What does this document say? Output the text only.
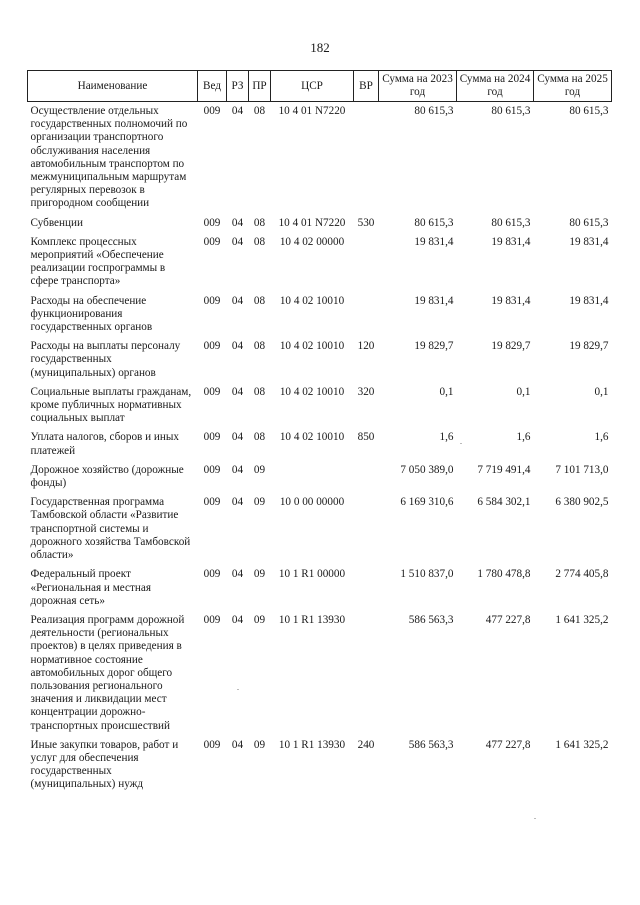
182
Наименование	Вед	РЗ	ПР	ЦСР	ВР	Сумма на 2023 год	Сумма на 2024 год	Сумма на 2025 год
Осуществление отдельных государственных полномочий по организации транспортного обслуживания населения автомобильным транспортом по межмуниципальным маршрутам регулярных перевозок в пригородном сообщении	009	04	08	10 4 01 N7220		80 615,3	80 615,3	80 615,3
Субвенции	009	04	08	10 4 01 N7220	530	80 615,3	80 615,3	80 615,3
Комплекс процессных мероприятий «Обеспечение реализации госпрограммы в сфере транспорта»	009	04	08	10 4 02 00000		19 831,4	19 831,4	19 831,4
Расходы на обеспечение функционирования государственных органов	009	04	08	10 4 02 10010		19 831,4	19 831,4	19 831,4
Расходы на выплаты персоналу государственных (муниципальных) органов	009	04	08	10 4 02 10010	120	19 829,7	19 829,7	19 829,7
Социальные выплаты гражданам, кроме публичных нормативных социальных выплат	009	04	08	10 4 02 10010	320	0,1	0,1	0,1
Уплата налогов, сборов и иных платежей	009	04	08	10 4 02 10010	850	1,6	1,6	1,6
Дорожное хозяйство (дорожные фонды)	009	04	09			7 050 389,0	7 719 491,4	7 101 713,0
Государственная программа Тамбовской области «Развитие транспортной системы и дорожного хозяйства Тамбовской области»	009	04	09	10 0 00 00000		6 169 310,6	6 584 302,1	6 380 902,5
Федеральный проект «Региональная и местная дорожная сеть»	009	04	09	10 1 R1 00000		1 510 837,0	1 780 478,8	2 774 405,8
Реализация программ дорожной деятельности (региональных проектов) в целях приведения в нормативное состояние автомобильных дорог общего пользования регионального значения и ликвидации мест концентрации дорожно-транспортных происшествий	009	04	09	10 1 R1 13930		586 563,3	477 227,8	1 641 325,2
Иные закупки товаров, работ и услуг для обеспечения государственных (муниципальных) нужд	009	04	09	10 1 R1 13930	240	586 563,3	477 227,8	1 641 325,2
